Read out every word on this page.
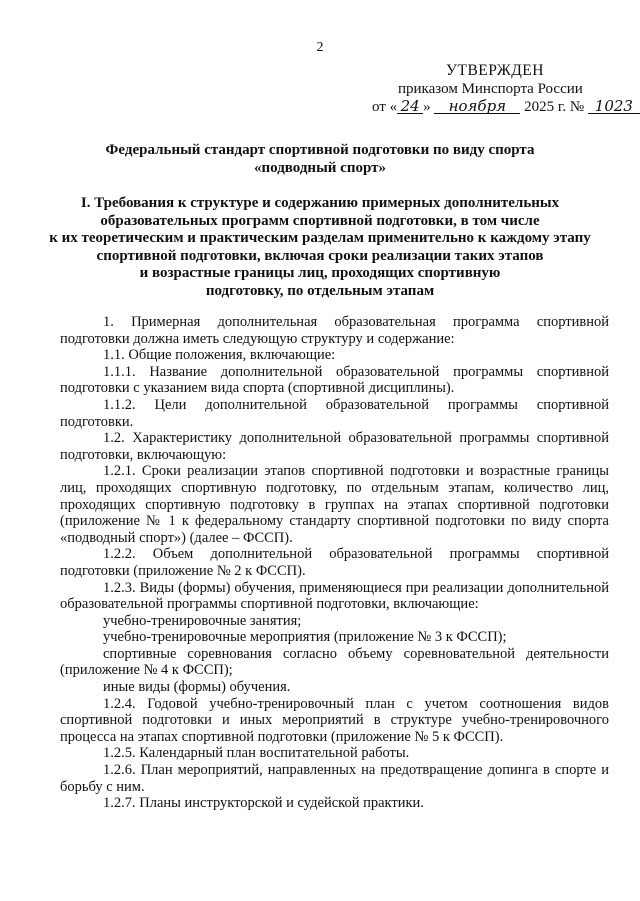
2
УТВЕРЖДЕН
приказом Минспорта России
от « 24 » ноября 2025 г. № 1023
Федеральный стандарт спортивной подготовки по виду спорта
«подводный спорт»
I. Требования к структуре и содержанию примерных дополнительных
образовательных программ спортивной подготовки, в том числе
к их теоретическим и практическим разделам применительно к каждому этапу
спортивной подготовки, включая сроки реализации таких этапов
и возрастные границы лиц, проходящих спортивную
подготовку, по отдельным этапам

1. Примерная дополнительная образовательная программа спортивной подготовки должна иметь следующую структуру и содержание:

1.1. Общие положения, включающие:

1.1.1. Название дополнительной образовательной программы спортивной подготовки с указанием вида спорта (спортивной дисциплины).

1.1.2. Цели дополнительной образовательной программы спортивной подготовки.

1.2. Характеристику дополнительной образовательной программы спортивной подготовки, включающую:

1.2.1. Сроки реализации этапов спортивной подготовки и возрастные границы лиц, проходящих спортивную подготовку, по отдельным этапам, количество лиц, проходящих спортивную подготовку в группах на этапах спортивной подготовки (приложение № 1 к федеральному стандарту спортивной подготовки по виду спорта «подводный спорт») (далее – ФССП).

1.2.2. Объем дополнительной образовательной программы спортивной подготовки (приложение № 2 к ФССП).

1.2.3. Виды (формы) обучения, применяющиеся при реализации дополнительной образовательной программы спортивной подготовки, включающие:

учебно-тренировочные занятия;

учебно-тренировочные мероприятия (приложение № 3 к ФССП);

спортивные соревнования согласно объему соревновательной деятельности (приложение № 4 к ФССП);

иные виды (формы) обучения.

1.2.4. Годовой учебно-тренировочный план с учетом соотношения видов спортивной подготовки и иных мероприятий в структуре учебно-тренировочного процесса на этапах спортивной подготовки (приложение № 5 к ФССП).

1.2.5. Календарный план воспитательной работы.

1.2.6. План мероприятий, направленных на предотвращение допинга в спорте и борьбу с ним.

1.2.7. Планы инструкторской и судейской практики.
